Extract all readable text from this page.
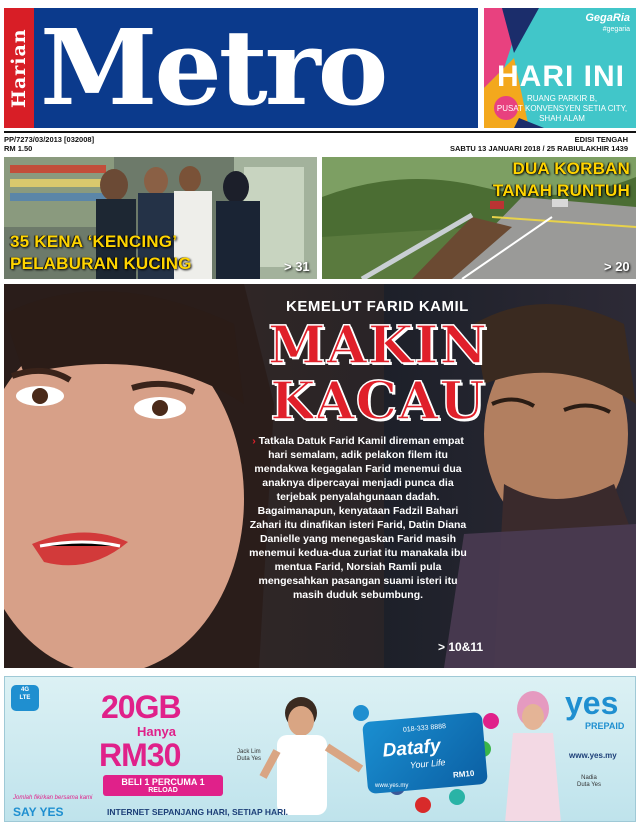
Harian Metro	GegaRia
#gegaria
HARI INI
RUANG PARKIR B,
PUSAT KONVENSYEN SETIA CITY,
SHAH ALAM
PP/7273/03/2013 [032008]
RM 1.50
EDISI TENGAH
SABTU 13 JANUARI 2018 / 25 RABIULAKHIR 1439
35 KENA ‘KENCING’
PELABURAN KUCING	> 31
DUA KORBAN
TANAH RUNTUH
> 20
KEMELUT FARID KAMIL
MAKIN
KACAU
› Tatkala Datuk Farid Kamil direman empat hari semalam, adik pelakon filem itu mendakwa kegagalan Farid menemui dua anaknya dipercayai menjadi punca dia terjebak penyalahgunaan dadah. Bagaimanapun, kenyataan Fadzil Bahari Zahari itu dinafikan isteri Farid, Datin Diana Danielle yang menegaskan Farid masih menemui kedua-dua zuriat itu manakala ibu mentua Farid, Norsiah Ramli pula mengesahkan pasangan suami isteri itu masih duduk sebumbung.
> 10&11
4G
LTE 20GB
Hanya
RM30
BELI 1 PERCUMA 1
RELOAD
Jomlah fikirkan bersama kami
SAY YES
Jack Lim
Duta Yes
018-333 8888
Datafy
Your Life
RM10
www.yes.my
yes
PREPAID
www.yes.my
Nadia
Duta Yes
INTERNET SEPANJANG HARI, SETIAP HARI.
